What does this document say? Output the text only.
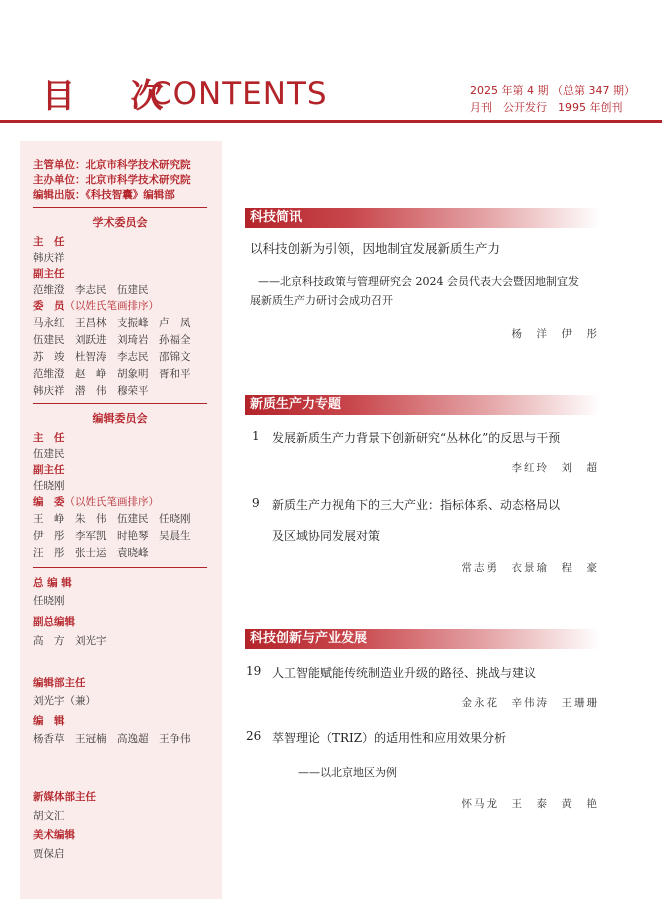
目 次
CONTENTS	2025 年第 4 期 （总第 347 期）
月刊　公开发行　1995 年创刊
主管单位：北京市科学技术研究院
主办单位：北京市科学技术研究院
编辑出版：《科技智囊》编辑部
学术委员会
主　任
韩庆祥
副主任
范维澄　李志民　伍建民
委　员（以姓氏笔画排序）
马永红　王昌林　支振峰　卢　凤
伍建民　刘跃进　刘琦岩　孙福全
苏　竣　杜智涛　李志民　邵锦文
范维澄　赵　峥　胡象明　胥和平
韩庆祥　潜　伟　穆荣平
编辑委员会
主　任
伍建民
副主任
任晓刚
编　委（以姓氏笔画排序）
王　峥　朱　伟　伍建民　任晓刚
伊　彤　李军凯　时艳琴　吴晨生
汪　彤　张士运　袁晓峰
总 编 辑
任晓刚
副总编辑
高　方　刘光宇
编辑部主任
刘光宇（兼）
编　辑
杨香草　王冠楠　高逸超　王争伟
新媒体部主任
胡文汇
美术编辑
贾保启
科技简讯
以科技创新为引领，因地制宜发展新质生产力
——北京科技政策与管理研究会 2024 会员代表大会暨因地制宜发
展新质生产力研讨会成功召开
杨　洋　伊　彤
新质生产力专题
1 发展新质生产力背景下创新研究“丛林化”的反思与干预
李红玲　刘　超
9 新质生产力视角下的三大产业：指标体系、动态格局以
及区域协同发展对策
常志勇　衣景瑜　程　豪
科技创新与产业发展
19 人工智能赋能传统制造业升级的路径、挑战与建议
金永花　辛伟涛　王珊珊
26 萃智理论（TRIZ）的适用性和应用效果分析
——以北京地区为例
怀马龙　王　泰　黄　艳
